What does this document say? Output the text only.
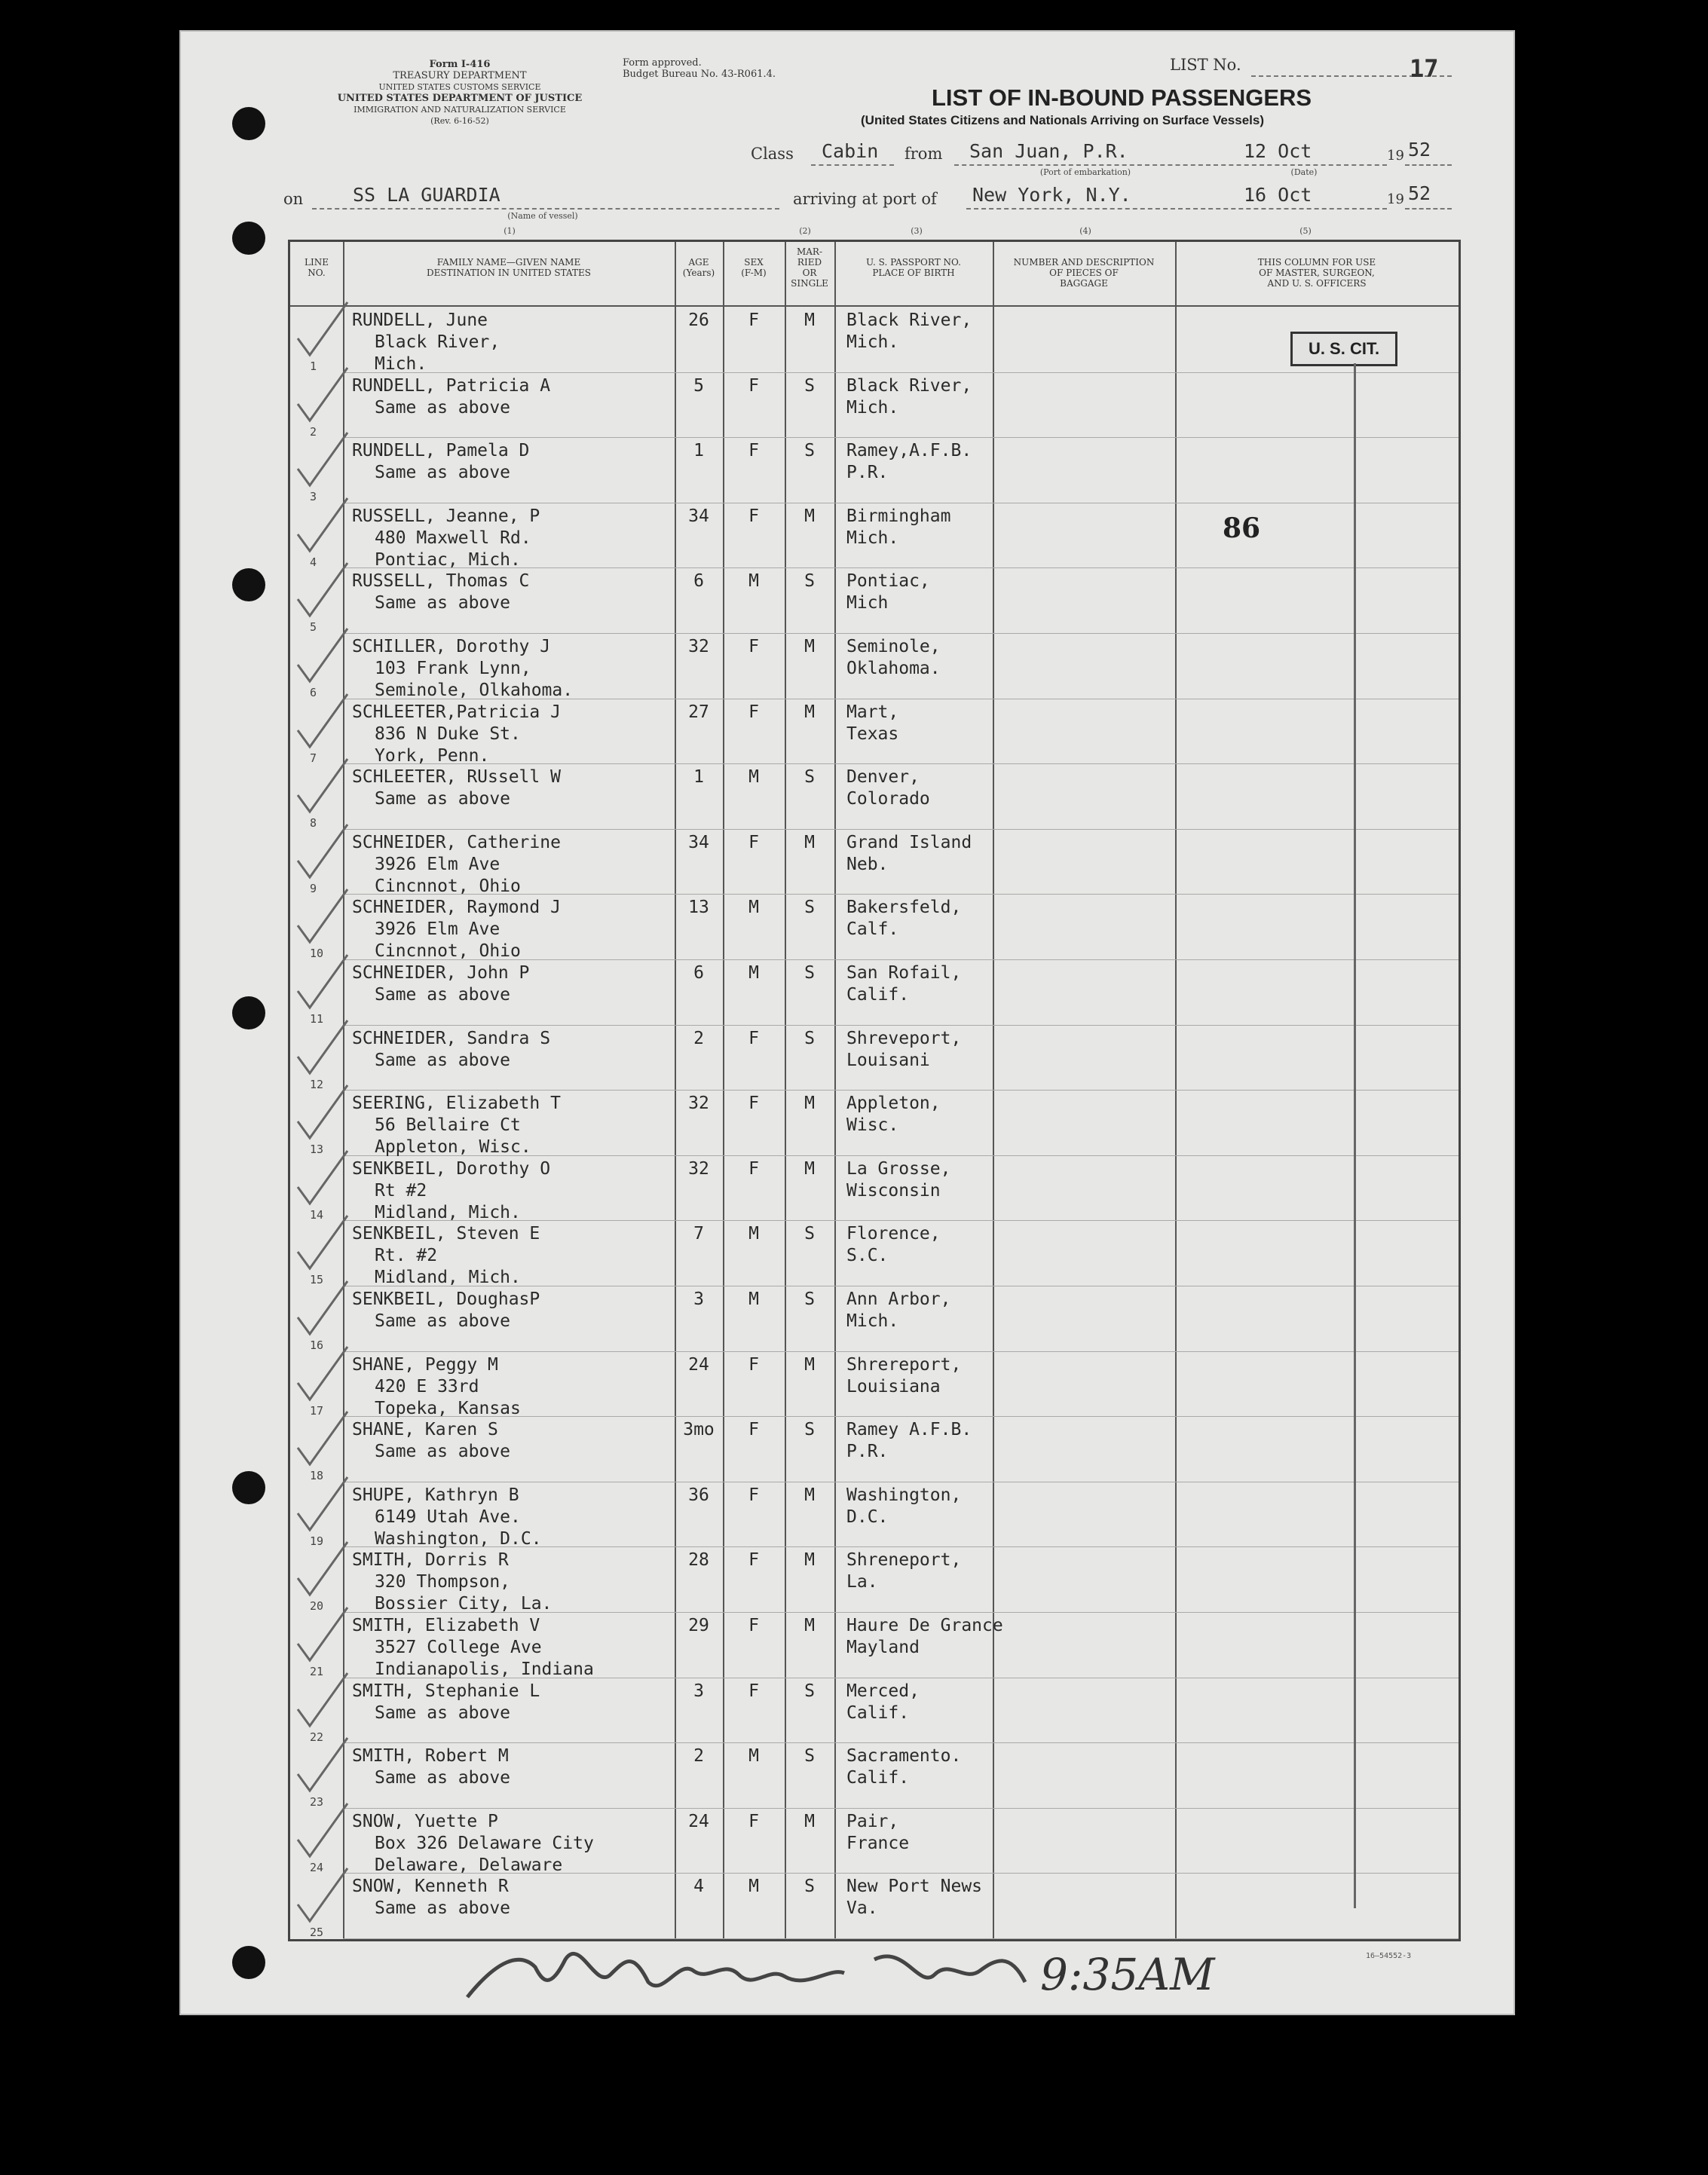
Form I-416
TREASURY DEPARTMENT
UNITED STATES CUSTOMS SERVICE
UNITED STATES DEPARTMENT OF JUSTICE
IMMIGRATION AND NATURALIZATION SERVICE
(Rev. 6-16-52)
Form approved.
Budget Bureau No. 43-R061.4.
LIST No.	17
LIST OF IN-BOUND PASSENGERS
(United States Citizens and Nationals Arriving on Surface Vessels)
Class Cabin from San Juan, P.R.
(Port of embarkation)
12 Oct
(Date)
19 52
on	SS LA GUARDIA
(Name of vessel)
arriving at port of New York, N.Y.	16 Oct	19 52
(1)	(2)	(3)	(4)	(5)
LINE
NO.
FAMILY NAME—GIVEN NAME
DESTINATION IN UNITED STATES
AGE
(Years)
SEX
(F-M)
MAR-
RIED
OR
SINGLE
U. S. PASSPORT NO.
PLACE OF BIRTH
NUMBER AND DESCRIPTION
OF PIECES OF
BAGGAGE
THIS COLUMN FOR USE
OF MASTER, SURGEON,
AND U. S. OFFICERS
1
RUNDELL, June
Black River,
Mich.
26	F	M	Black River,
Mich.
2
RUNDELL, Patricia A
Same as above
5	F	S	Black River,
Mich.
3
RUNDELL, Pamela D
Same as above
1	F	S	Ramey,A.F.B.
P.R.
4
RUSSELL, Jeanne, P
480 Maxwell Rd.
Pontiac, Mich.
34	F	M	Birmingham
Mich.
5
RUSSELL, Thomas C
Same as above
6	M	S	Pontiac,
Mich
6
SCHILLER, Dorothy J
103 Frank Lynn,
Seminole, Olkahoma.
32	F	M	Seminole,
Oklahoma.
7
SCHLEETER,Patricia J
836 N Duke St.
York, Penn.
27	F	M	Mart,
Texas
8
SCHLEETER, RUssell W
Same as above
1	M	S	Denver,
Colorado
9
SCHNEIDER, Catherine
3926 Elm Ave
Cincnnot, Ohio
34	F	M	Grand Island
Neb.
10
SCHNEIDER, Raymond J
3926 Elm Ave
Cincnnot, Ohio
13	M	S	Bakersfeld,
Calf.
11
SCHNEIDER, John P
Same as above
6	M	S	San Rofail,
Calif.
12
SCHNEIDER, Sandra S
Same as above
2	F	S	Shreveport,
Louisani
13
SEERING, Elizabeth T
56 Bellaire Ct
Appleton, Wisc.
32	F	M	Appleton,
Wisc.
14
SENKBEIL, Dorothy O
Rt #2
Midland, Mich.
32	F	M	La Grosse,
Wisconsin
15
SENKBEIL, Steven E
Rt. #2
Midland, Mich.
7	M	S	Florence,
S.C.
16
SENKBEIL, DoughasP
Same as above
3	M	S	Ann Arbor,
Mich.
17
SHANE, Peggy M
420 E 33rd
Topeka, Kansas
24	F	M	Shrereport,
Louisiana
18
SHANE, Karen S
Same as above
3mo	F	S	Ramey A.F.B.
P.R.
19
SHUPE, Kathryn B
6149 Utah Ave.
Washington, D.C.
36	F	M	Washington,
D.C.
20
SMITH, Dorris R
320 Thompson,
Bossier City, La.
28	F	M	Shreneport,
La.
21
SMITH, Elizabeth V
3527 College Ave
Indianapolis, Indiana
29	F	M	Haure De Grance
Mayland
22
SMITH, Stephanie L
Same as above
3	F	S	Merced,
Calif.
23
SMITH, Robert M
Same as above
2	M	S	Sacramento.
Calif.
24
SNOW, Yuette P
Box 326 Delaware City
Delaware, Delaware
24	F	M	Pair,
France
25
SNOW, Kenneth R
Same as above
4	M	S	New Port News
Va.
U. S. CIT.
86
9:35AM	16—54552-3
